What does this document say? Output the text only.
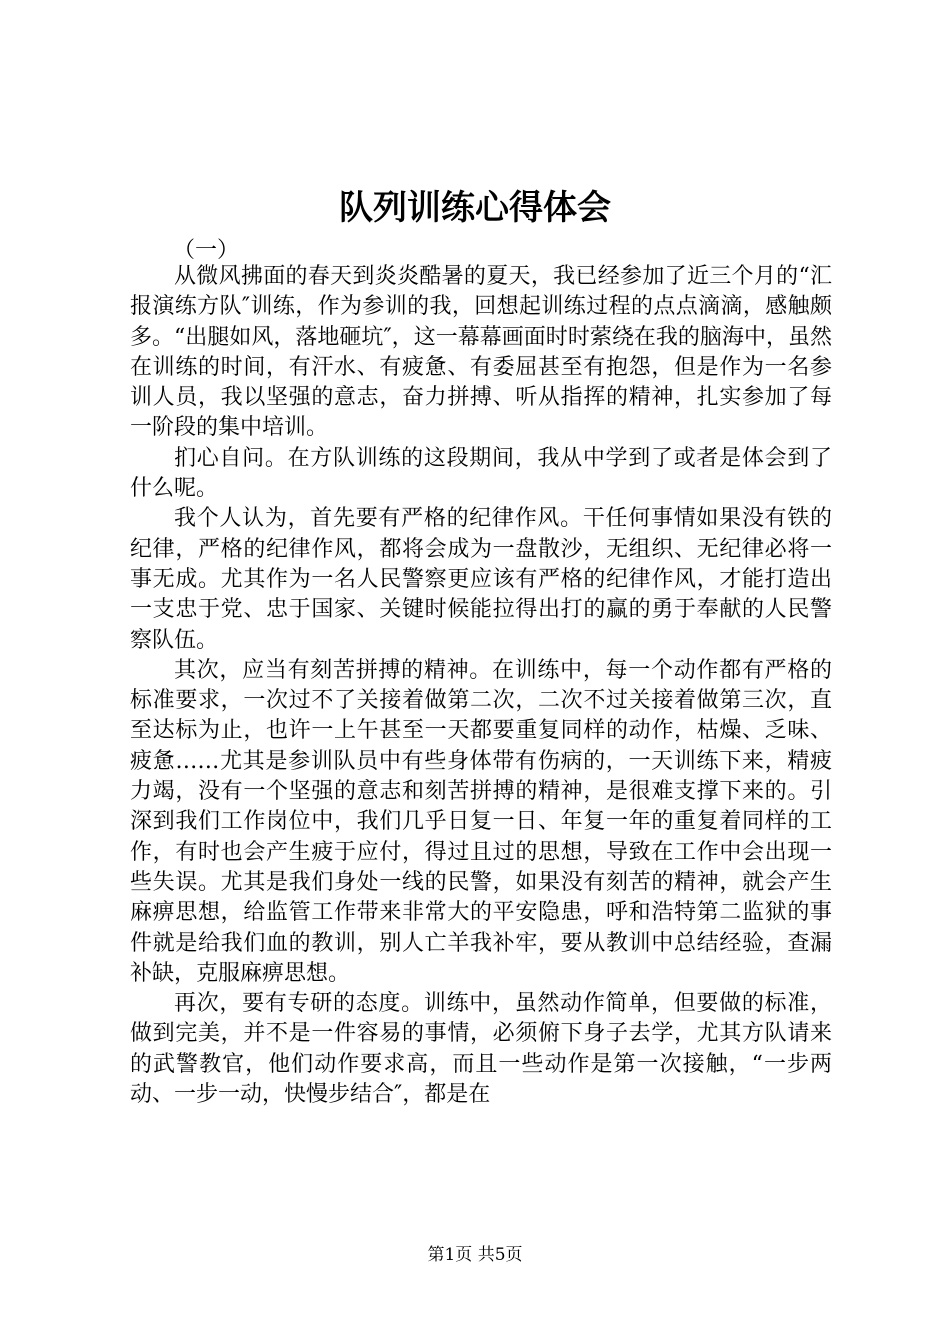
队列训练心得体会
（一）

从微风拂面的春天到炎炎酷暑的夏天，我已经参加了近三个月的“汇报演练方队″训练，作为参训的我，回想起训练过程的点点滴滴，感触颇多。“出腿如风，落地砸坑″，这一幕幕画面时时萦绕在我的脑海中，虽然在训练的时间，有汗水、有疲惫、有委屈甚至有抱怨，但是作为一名参训人员，我以坚强的意志，奋力拼搏、听从指挥的精神，扎实参加了每一阶段的集中培训。

扪心自问。在方队训练的这段期间，我从中学到了或者是体会到了什么呢。

我个人认为，首先要有严格的纪律作风。干任何事情如果没有铁的纪律，严格的纪律作风，都将会成为一盘散沙，无组织、无纪律必将一事无成。尤其作为一名人民警察更应该有严格的纪律作风，才能打造出一支忠于党、忠于国家、关键时候能拉得出打的赢的勇于奉献的人民警察队伍。

其次，应当有刻苦拼搏的精神。在训练中，每一个动作都有严格的标准要求，一次过不了关接着做第二次，二次不过关接着做第三次，直至达标为止，也许一上午甚至一天都要重复同样的动作，枯燥、乏味、疲惫……尤其是参训队员中有些身体带有伤病的，一天训练下来，精疲力竭，没有一个坚强的意志和刻苦拼搏的精神，是很难支撑下来的。引深到我们工作岗位中，我们几乎日复一日、年复一年的重复着同样的工作，有时也会产生疲于应付，得过且过的思想，导致在工作中会出现一些失误。尤其是我们身处一线的民警，如果没有刻苦的精神，就会产生麻痹思想，给监管工作带来非常大的平安隐患，呼和浩特第二监狱的事件就是给我们血的教训，别人亡羊我补牢，要从教训中总结经验，查漏补缺，克服麻痹思想。

再次，要有专研的态度。训练中，虽然动作简单，但要做的标准，做到完美，并不是一件容易的事情，必须俯下身子去学，尤其方队请来的武警教官，他们动作要求高，而且一些动作是第一次接触，“一步两动、一步一动，快慢步结合″，都是在

第1页 共5页
